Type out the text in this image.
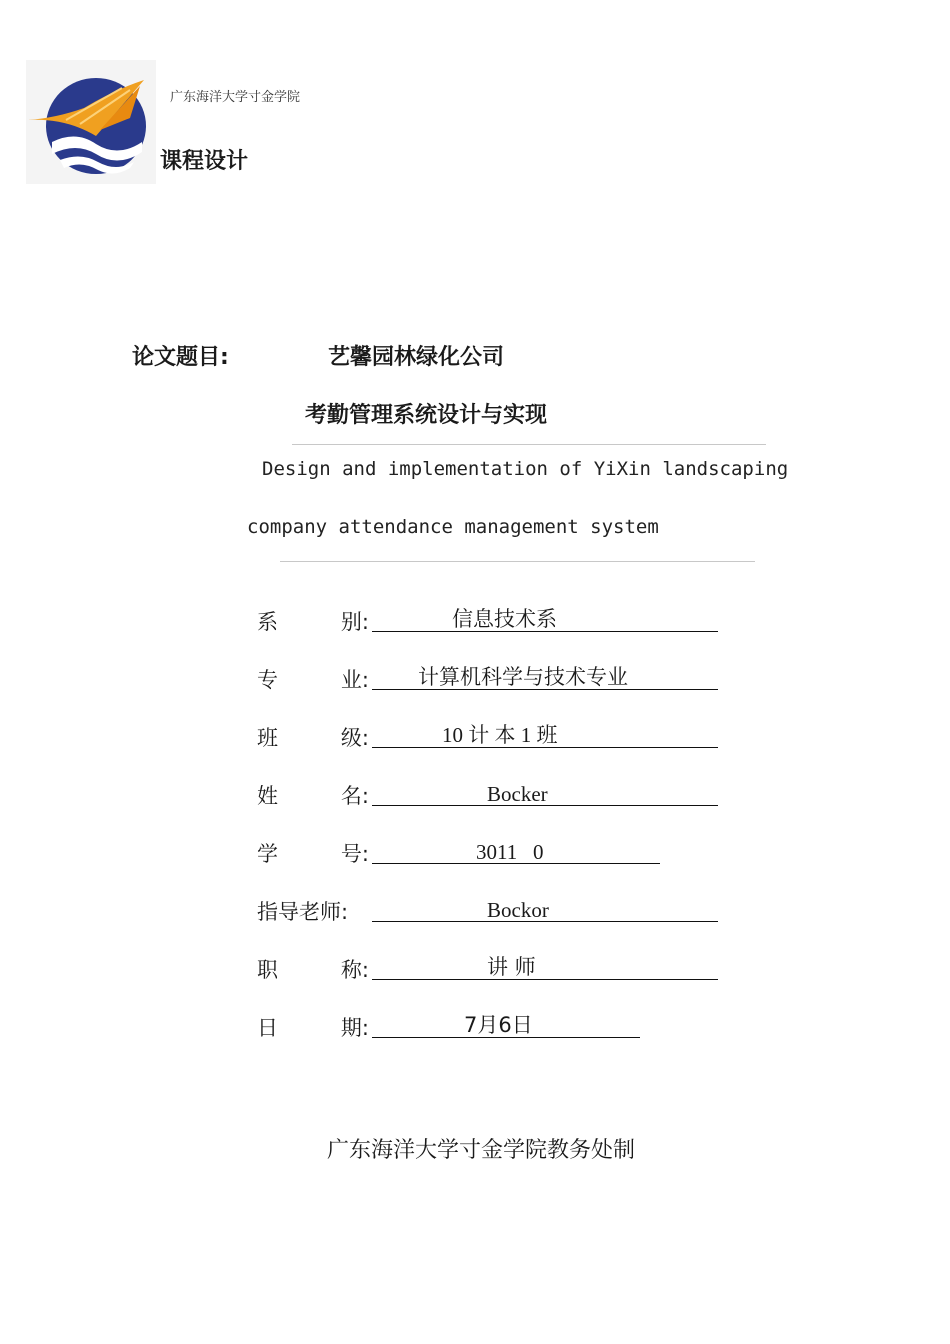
广东海洋大学寸金学院
课程设计
论文题目:	艺馨园林绿化公司
考勤管理系统设计与实现
Design and implementation of YiXin landscaping
company attendance management system
系	别:	信息技术系
专	业: 计算机科学与技术专业
班	级:	10 计 本 1 班
姓	名:	Bocker
学	号:	3011   0
指导老师:	Bockor
职	称:	讲 师
日	期:	7月6日
广东海洋大学寸金学院教务处制
